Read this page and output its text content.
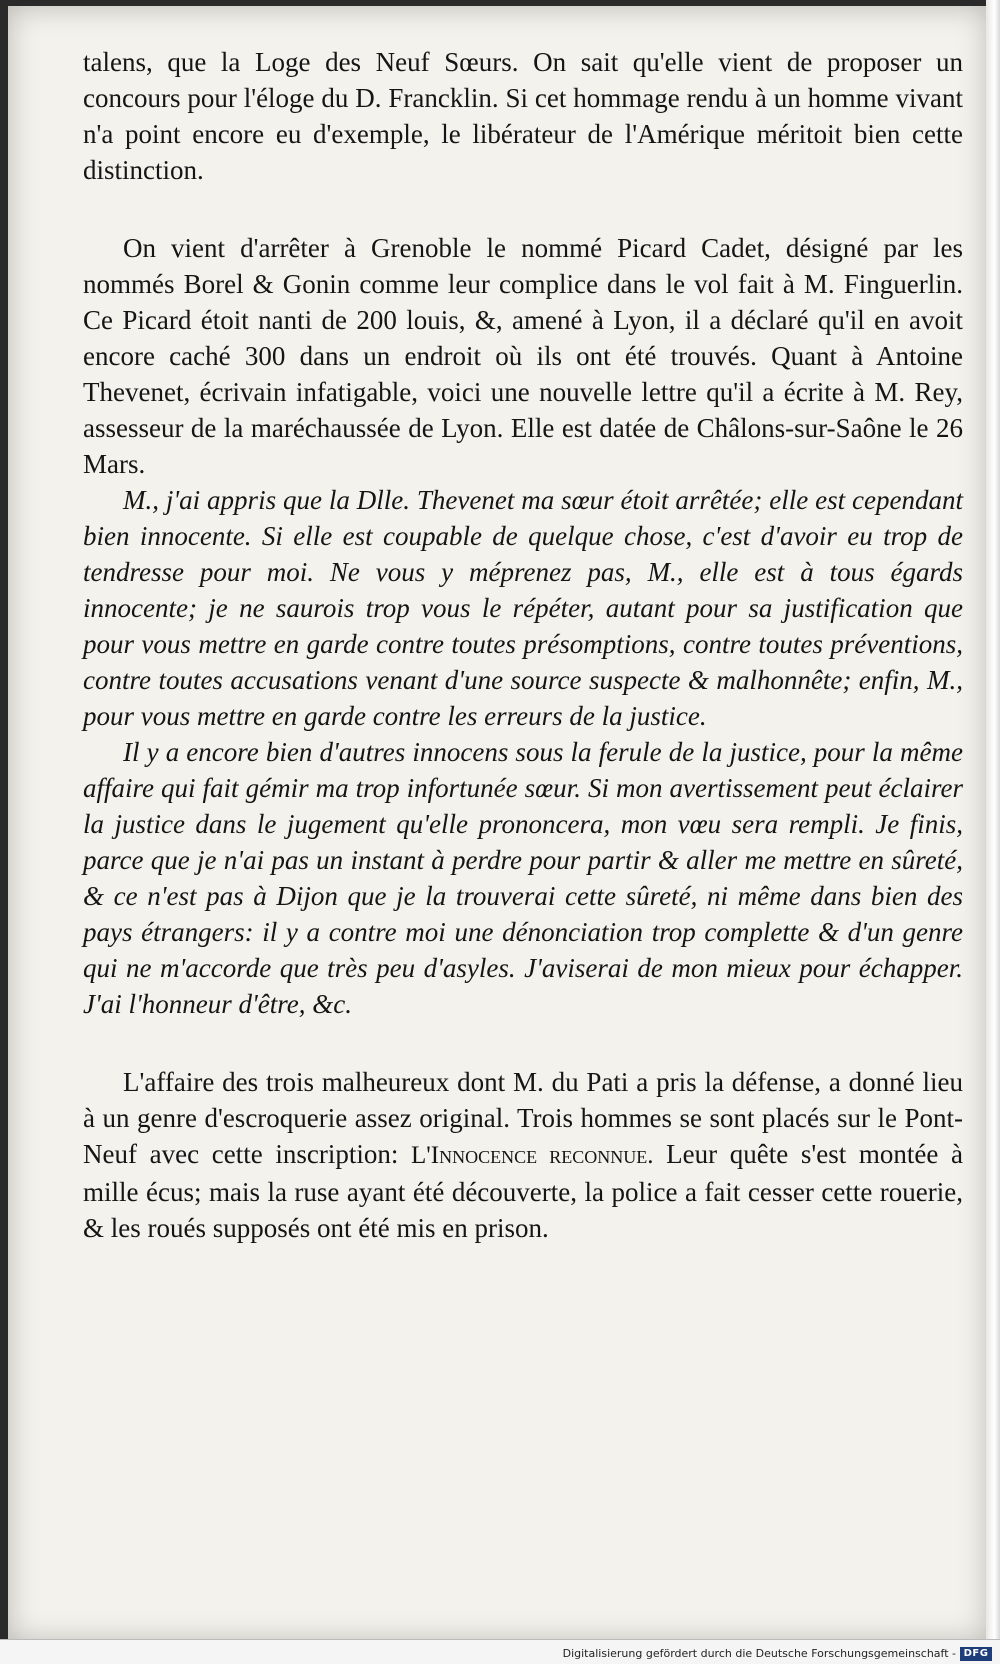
talens, que la Loge des Neuf Sœurs. On sait qu'elle vient de proposer un concours pour l'éloge du D. Francklin. Si cet hommage rendu à un homme vivant n'a point encore eu d'exemple, le libérateur de l'Amérique méritoit bien cette distinction.

On vient d'arrêter à Grenoble le nommé Picard Cadet, désigné par les nommés Borel & Gonin comme leur complice dans le vol fait à M. Finguerlin. Ce Picard étoit nanti de 200 louis, &, amené à Lyon, il a déclaré qu'il en avoit encore caché 300 dans un endroit où ils ont été trouvés. Quant à Antoine Thevenet, écrivain infatigable, voici une nouvelle lettre qu'il a écrite à M. Rey, assesseur de la maréchaussée de Lyon. Elle est datée de Châlons-sur-Saône le 26 Mars.

M., j'ai appris que la Dlle. Thevenet ma sœur étoit arrêtée; elle est cependant bien innocente. Si elle est coupable de quelque chose, c'est d'avoir eu trop de tendresse pour moi. Ne vous y méprenez pas, M., elle est à tous égards innocente; je ne saurois trop vous le répéter, autant pour sa justification que pour vous mettre en garde contre toutes présomptions, contre toutes préventions, contre toutes accusations venant d'une source suspecte & malhonnête; enfin, M., pour vous mettre en garde contre les erreurs de la justice.

Il y a encore bien d'autres innocens sous la ferule de la justice, pour la même affaire qui fait gémir ma trop infortunée sœur. Si mon avertissement peut éclairer la justice dans le jugement qu'elle prononcera, mon vœu sera rempli. Je finis, parce que je n'ai pas un instant à perdre pour partir & aller me mettre en sûreté, & ce n'est pas à Dijon que je la trouverai cette sûreté, ni même dans bien des pays étrangers: il y a contre moi une dénonciation trop complette & d'un genre qui ne m'accorde que très peu d'asyles. J'aviserai de mon mieux pour échapper. J'ai l'honneur d'être, &c.

L'affaire des trois malheureux dont M. du Pati a pris la défense, a donné lieu à un genre d'escroquerie assez original. Trois hommes se sont placés sur le Pont-Neuf avec cette inscription: L'Innocence reconnue. Leur quête s'est montée à mille écus; mais la ruse ayant été découverte, la police a fait cesser cette rouerie, & les roués supposés ont été mis en prison.

Digitalisierung gefördert durch die Deutsche Forschungsgemeinschaft - DFG
